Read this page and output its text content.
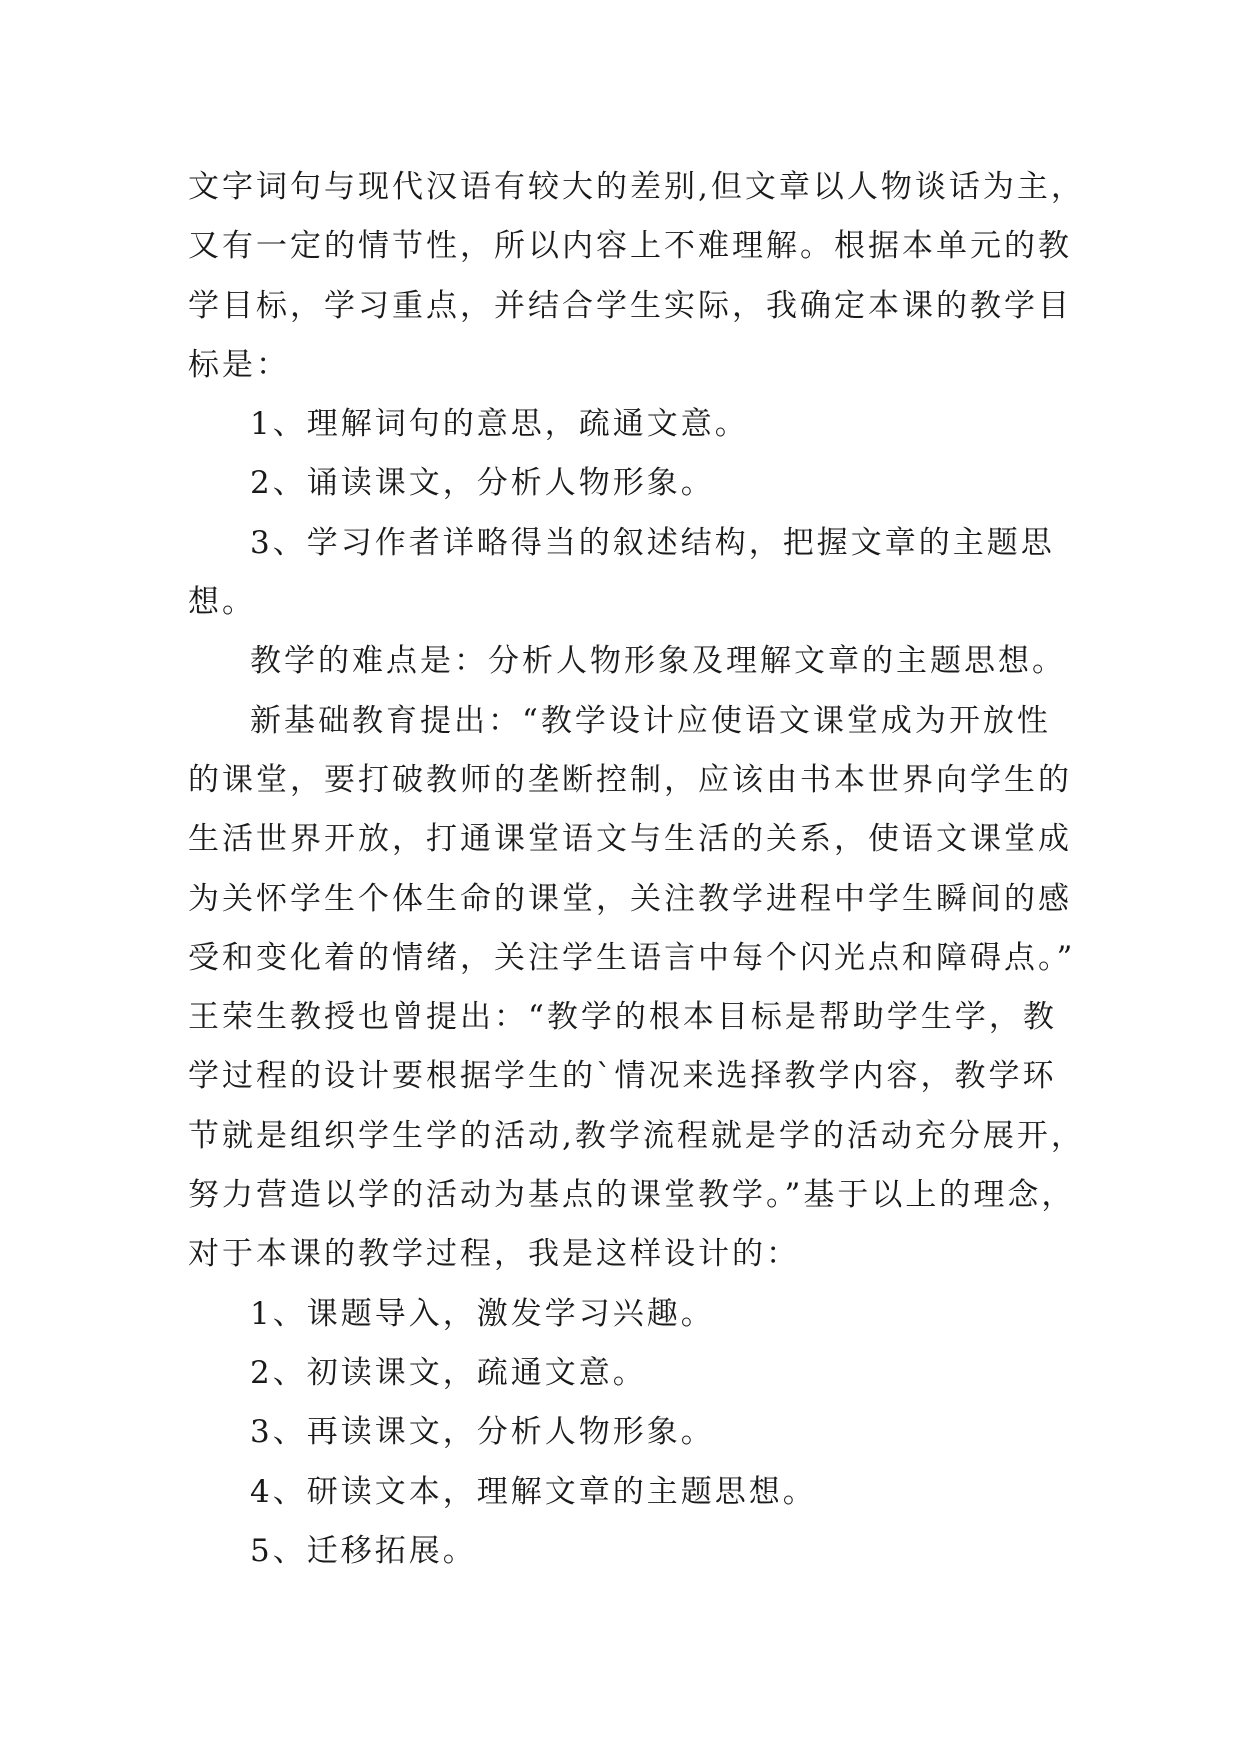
文字词句与现代汉语有较大的差别,但文章以人物谈话为主，
又有一定的情节性，所以内容上不难理解。根据本单元的教
学目标，学习重点，并结合学生实际，我确定本课的教学目
标是：
1、理解词句的意思，疏通文意。
2、诵读课文，分析人物形象。
3、学习作者详略得当的叙述结构，把握文章的主题思
想。
教学的难点是：分析人物形象及理解文章的主题思想。
新基础教育提出：“教学设计应使语文课堂成为开放性
的课堂，要打破教师的垄断控制，应该由书本世界向学生的
生活世界开放，打通课堂语文与生活的关系，使语文课堂成
为关怀学生个体生命的课堂，关注教学进程中学生瞬间的感
受和变化着的情绪，关注学生语言中每个闪光点和障碍点。”
王荣生教授也曾提出：“教学的根本目标是帮助学生学，教
学过程的设计要根据学生的`情况来选择教学内容，教学环
节就是组织学生学的活动,教学流程就是学的活动充分展开，
努力营造以学的活动为基点的课堂教学。”基于以上的理念，
对于本课的教学过程，我是这样设计的：
1、课题导入，激发学习兴趣。
2、初读课文，疏通文意。
3、再读课文，分析人物形象。
4、研读文本，理解文章的主题思想。
5、迁移拓展。
